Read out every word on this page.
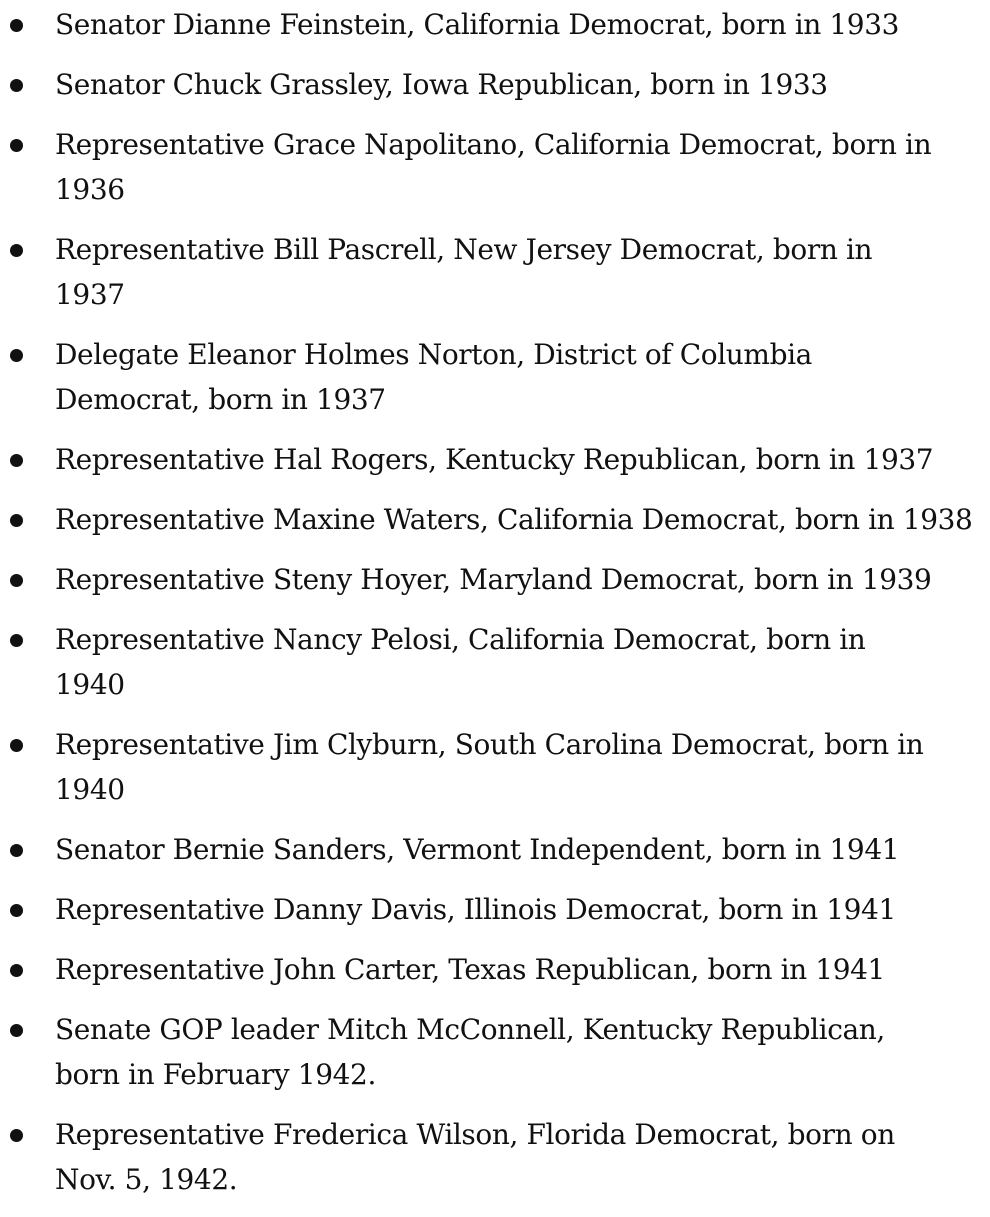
Senator Dianne Feinstein, California Democrat, born in 1933
Senator Chuck Grassley, Iowa Republican, born in 1933
Representative Grace Napolitano, California Democrat, born in 1936
Representative Bill Pascrell, New Jersey Democrat, born in 1937
Delegate Eleanor Holmes Norton, District of Columbia Democrat, born in 1937
Representative Hal Rogers, Kentucky Republican, born in 1937
Representative Maxine Waters, California Democrat, born in 1938
Representative Steny Hoyer, Maryland Democrat, born in 1939
Representative Nancy Pelosi, California Democrat, born in 1940
Representative Jim Clyburn, South Carolina Democrat, born in 1940
Senator Bernie Sanders, Vermont Independent, born in 1941
Representative Danny Davis, Illinois Democrat, born in 1941
Representative John Carter, Texas Republican, born in 1941
Senate GOP leader Mitch McConnell, Kentucky Republican, born in February 1942.
Representative Frederica Wilson, Florida Democrat, born on Nov. 5, 1942.
